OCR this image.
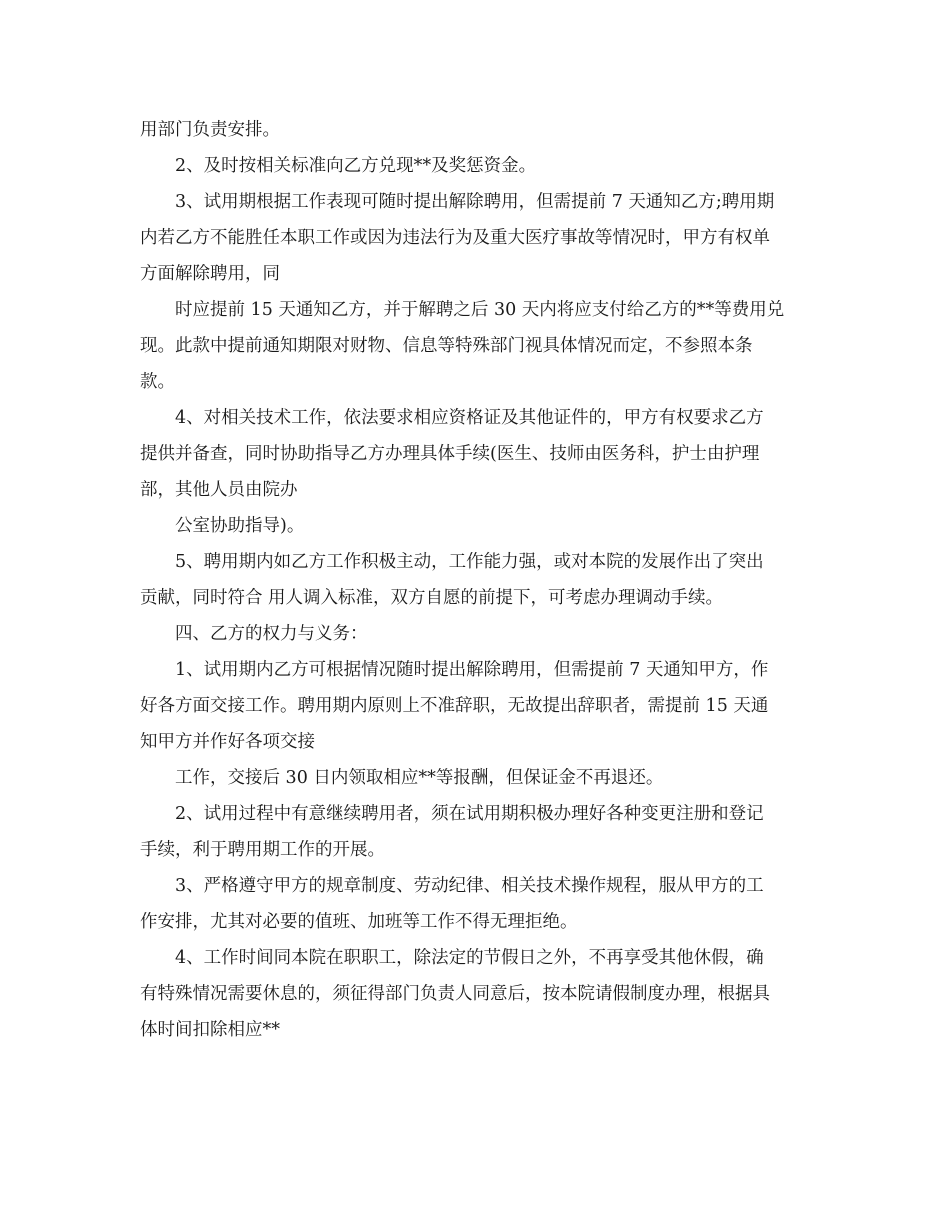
用部门负责安排。

2、及时按相关标准向乙方兑现**及奖惩资金。

3、试用期根据工作表现可随时提出解除聘用，但需提前 7 天通知乙方;聘用期

内若乙方不能胜任本职工作或因为违法行为及重大医疗事故等情况时，甲方有权单

方面解除聘用，同

时应提前 15 天通知乙方，并于解聘之后 30 天内将应支付给乙方的**等费用兑

现。此款中提前通知期限对财物、信息等特殊部门视具体情况而定，不参照本条

款。

4、对相关技术工作，依法要求相应资格证及其他证件的，甲方有权要求乙方

提供并备查，同时协助指导乙方办理具体手续(医生、技师由医务科，护士由护理

部，其他人员由院办

公室协助指导)。

5、聘用期内如乙方工作积极主动，工作能力强，或对本院的发展作出了突出

贡献，同时符合 用人调入标准，双方自愿的前提下，可考虑办理调动手续。

四、乙方的权力与义务：

1、试用期内乙方可根据情况随时提出解除聘用，但需提前 7 天通知甲方，作

好各方面交接工作。聘用期内原则上不准辞职，无故提出辞职者，需提前 15 天通

知甲方并作好各项交接

工作，交接后 30 日内领取相应**等报酬，但保证金不再退还。

2、试用过程中有意继续聘用者，须在试用期积极办理好各种变更注册和登记

手续，利于聘用期工作的开展。

3、严格遵守甲方的规章制度、劳动纪律、相关技术操作规程，服从甲方的工

作安排，尤其对必要的值班、加班等工作不得无理拒绝。

4、工作时间同本院在职职工，除法定的节假日之外，不再享受其他休假，确

有特殊情况需要休息的，须征得部门负责人同意后，按本院请假制度办理，根据具

体时间扣除相应**
